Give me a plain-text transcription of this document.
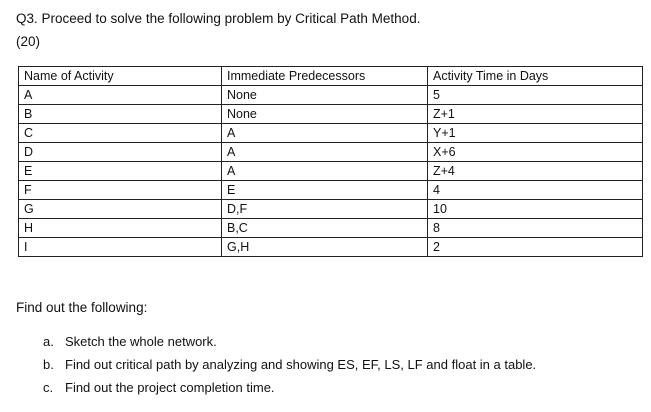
Q3. Proceed to solve the following problem by Critical Path Method.
(20)
Name of Activity	Immediate Predecessors	Activity Time in Days
A	None	5
B	None	Z+1
C	A	Y+1
D	A	X+6
E	A	Z+4
F	E	4
G	D,F	10
H	B,C	8
I	G,H	2
Find out the following:
a. Sketch the whole network.
b. Find out critical path by analyzing and showing ES, EF, LS, LF and float in a table.
c. Find out the project completion time.
